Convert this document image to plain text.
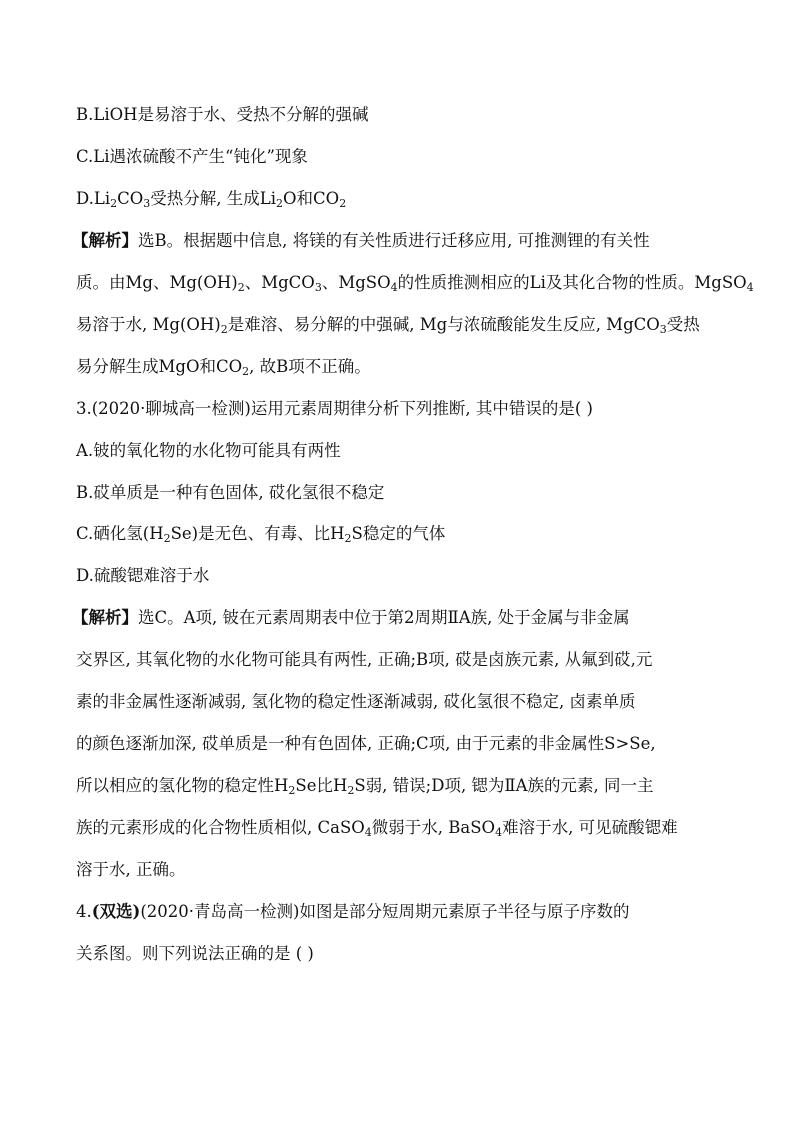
B.LiOH是易溶于水、受热不分解的强碱
C.Li遇浓硫酸不产生“钝化”现象
$D.Li_2CO_3$受热分解, 生成$Li_2O$和$CO_2$
【解析】选B。根据题中信息, 将镁的有关性质进行迁移应用, 可推测锂的有关性
质。由Mg、$Mg(OH)_2$、MgCO$_3$、MgSO$_4$的性质推测相应的Li及其化合物的性质。MgSO$_4$
易溶于水, $Mg(OH)_2$是难溶、易分解的中强碱, Mg与浓硫酸能发生反应, MgCO$_3$受热
易分解生成MgO和$CO_2$, 故B项不正确。
3.(2020·聊城高一检测)运用元素周期律分析下列推断, 其中错误的是( )
A.铍的氧化物的水化物可能具有两性
B.砹单质是一种有色固体, 砹化氢很不稳定
C.硒化氢$(H_2Se)$是无色、有毒、比$H_2S$稳定的气体
D.硫酸锶难溶于水
【解析】选C。A项, 铍在元素周期表中位于第2周期ⅡA族, 处于金属与非金属
交界区, 其氧化物的水化物可能具有两性, 正确;B项, 砹是卤族元素, 从氟到砹,元
素的非金属性逐渐减弱, 氢化物的稳定性逐渐减弱, 砹化氢很不稳定, 卤素单质
的颜色逐渐加深, 砹单质是一种有色固体, 正确;C项, 由于元素的非金属性S>Se,
所以相应的氢化物的稳定性$H_2Se$比$H_2S$弱, 错误;D项, 锶为ⅡA族的元素, 同一主
族的元素形成的化合物性质相似, CaSO$_4$微弱于水, BaSO$_4$难溶于水, 可见硫酸锶难
溶于水, 正确。
4.(双选)(2020·青岛高一检测)如图是部分短周期元素原子半径与原子序数的
关系图。则下列说法正确的是 ( )
